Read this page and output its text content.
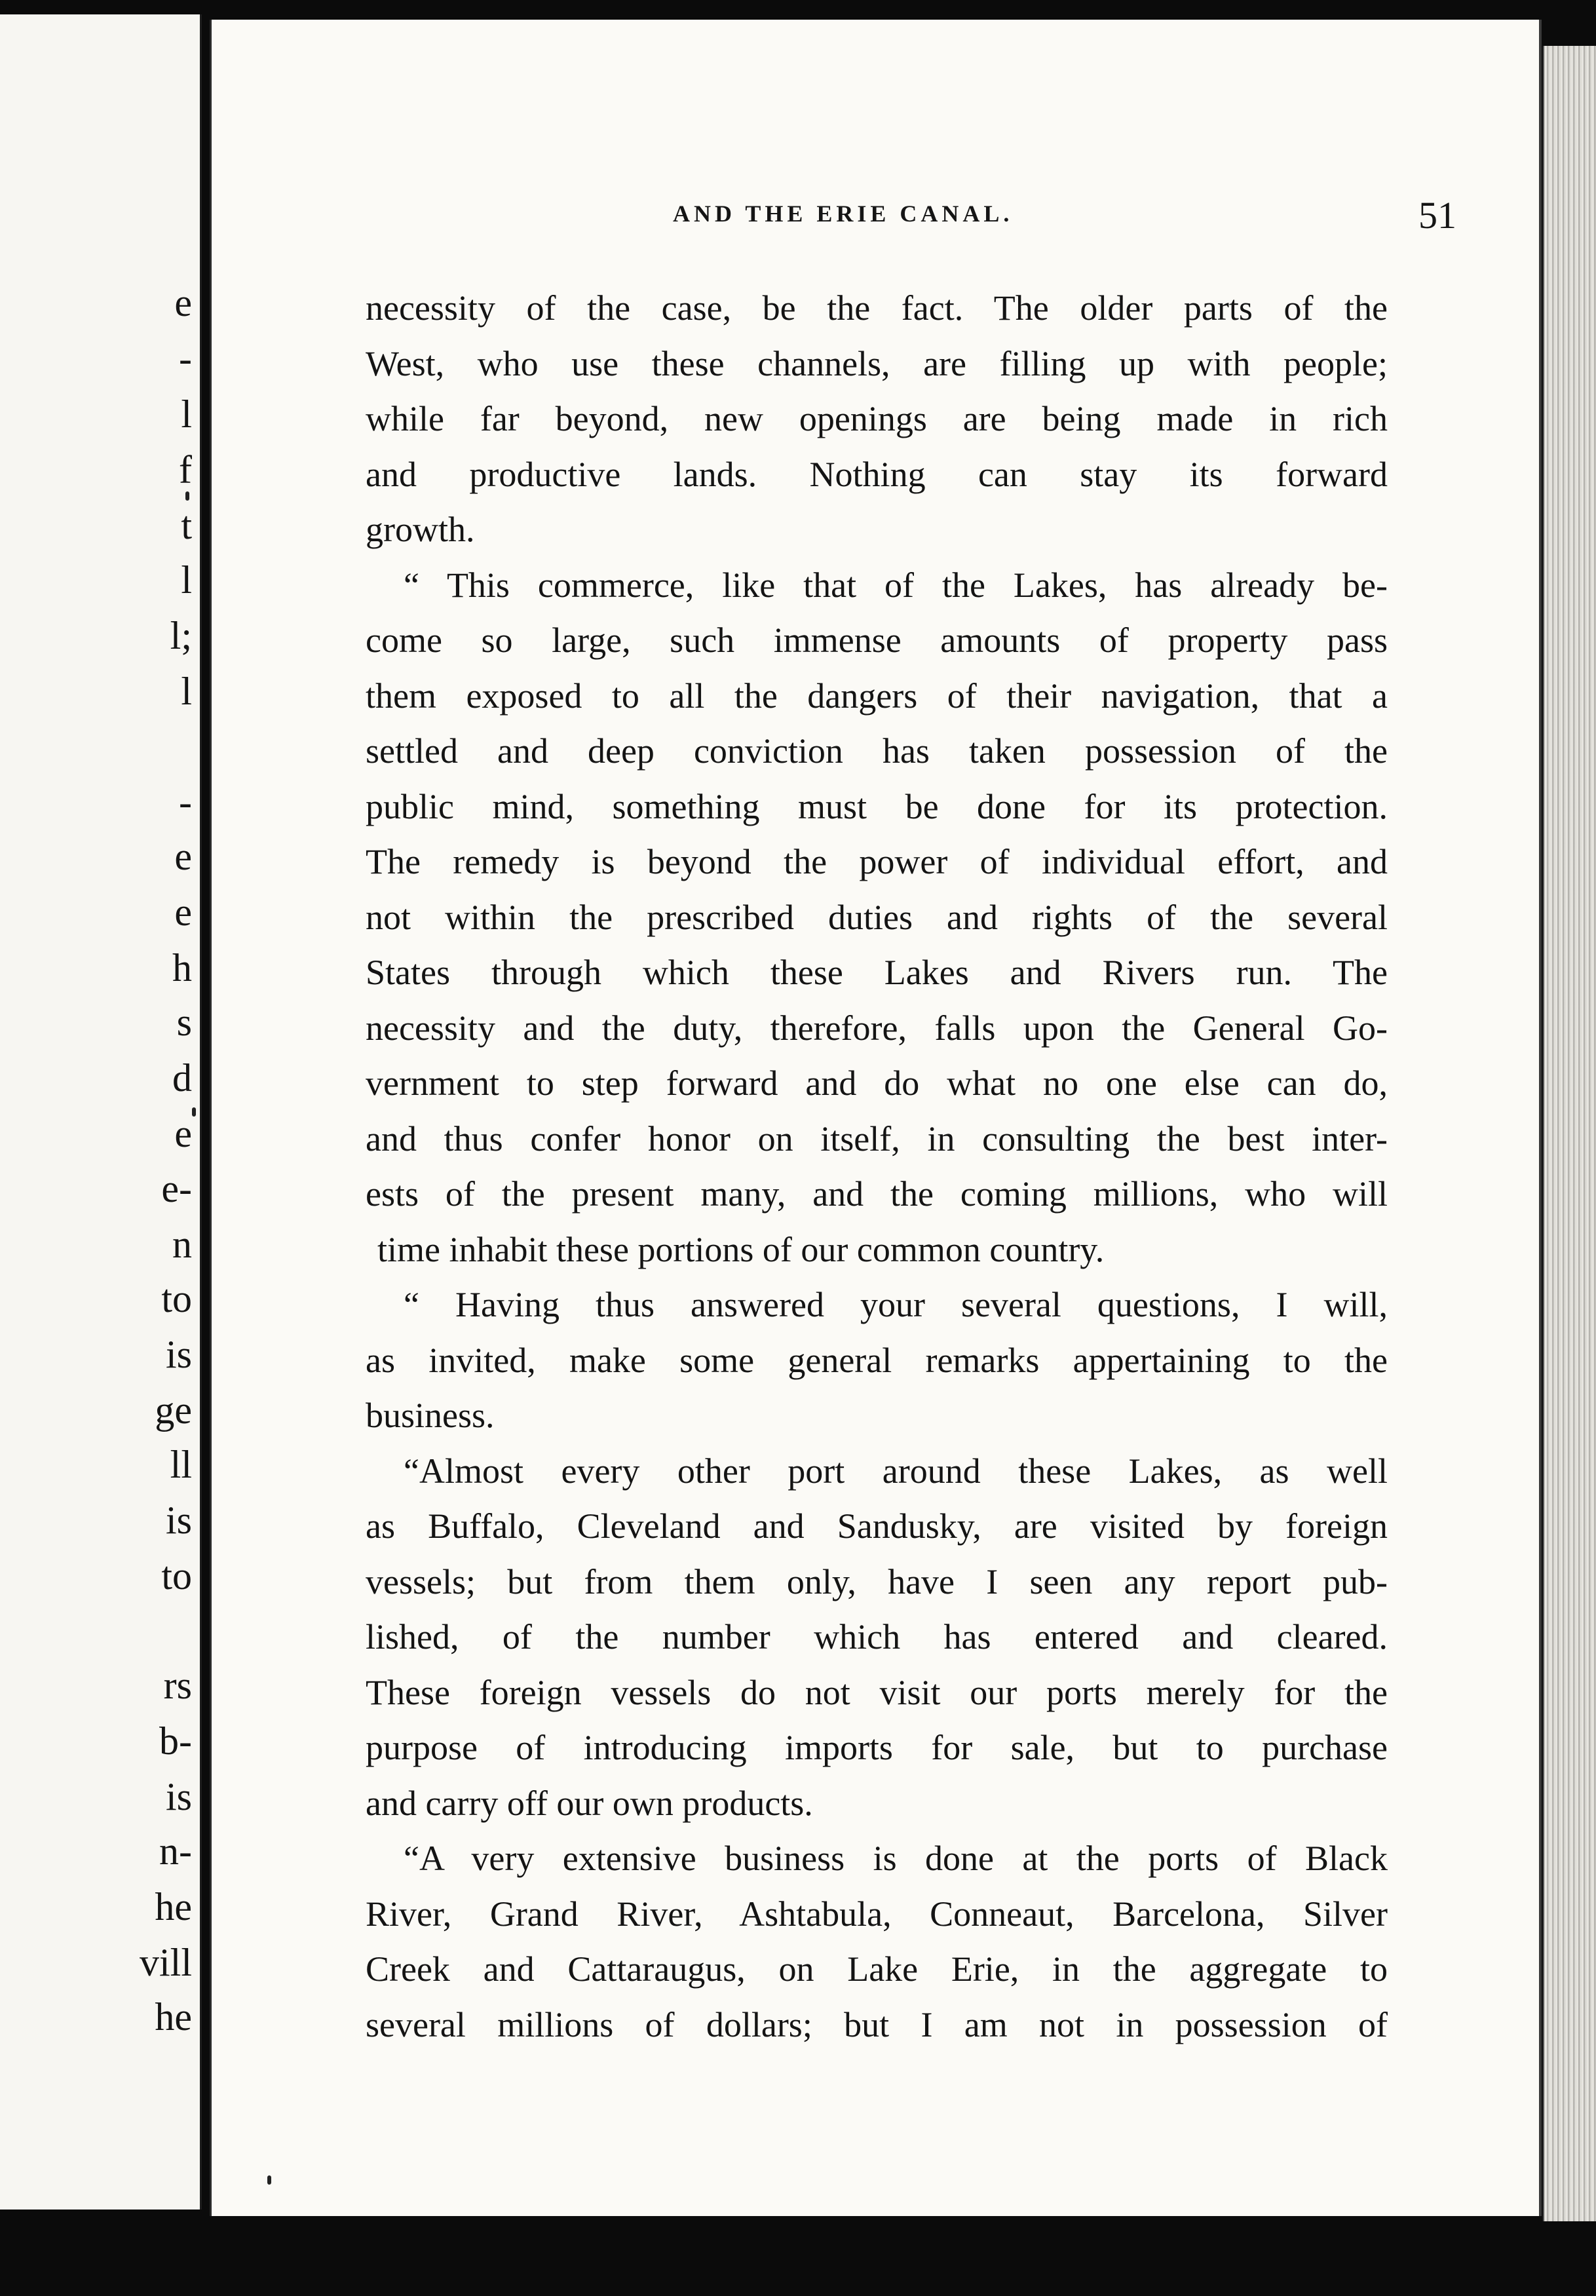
e
-
l
f
t
l
l;
l
-
e
e
h
s
d
e
e-
n
to
is
ge
ll
is
to
rs
b-
is
n-
he
vill
he
AND THE ERIE CANAL.	51
necessity of the case, be the fact. The older parts of the
West, who use these channels, are filling up with people;
while far beyond, new openings are being made in rich
and productive lands. Nothing can stay its forward
growth.
“ This commerce, like that of the Lakes, has already be-
come so large, such immense amounts of property pass
them exposed to all the dangers of their navigation, that a
settled and deep conviction has taken possession of the
public mind, something must be done for its protection.
The remedy is beyond the power of individual effort, and
not within the prescribed duties and rights of the several
States through which these Lakes and Rivers run. The
necessity and the duty, therefore, falls upon the General Go-
vernment to step forward and do what no one else can do,
and thus confer honor on itself, in consulting the best inter-
ests of the present many, and the coming millions, who will
time inhabit these portions of our common country.
“ Having thus answered your several questions, I will,
as invited, make some general remarks appertaining to the
business.
“Almost every other port around these Lakes, as well
as Buffalo, Cleveland and Sandusky, are visited by foreign
vessels; but from them only, have I seen any report pub-
lished, of the number which has entered and cleared.
These foreign vessels do not visit our ports merely for the
purpose of introducing imports for sale, but to purchase
and carry off our own products.
“A very extensive business is done at the ports of Black
River, Grand River, Ashtabula, Conneaut, Barcelona, Silver
Creek and Cattaraugus, on Lake Erie, in the aggregate to
several millions of dollars; but I am not in possession of
